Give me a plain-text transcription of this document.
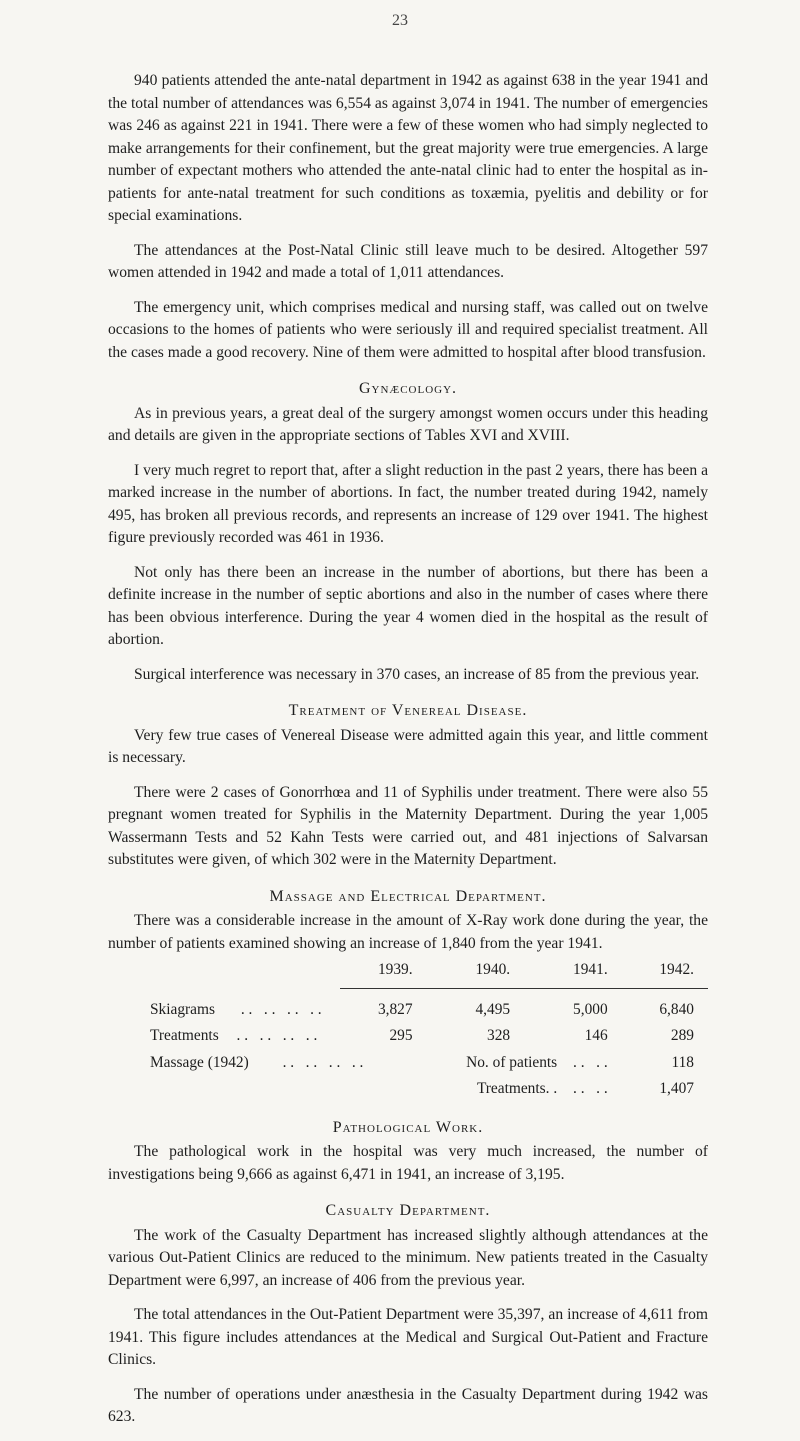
23

940 patients attended the ante-natal department in 1942 as against 638 in the year 1941 and the total number of attendances was 6,554 as against 3,074 in 1941. The number of emergencies was 246 as against 221 in 1941. There were a few of these women who had simply neglected to make arrangements for their confinement, but the great majority were true emergencies. A large number of expectant mothers who attended the ante-natal clinic had to enter the hospital as in-patients for ante-natal treatment for such conditions as toxæmia, pyelitis and debility or for special examinations.

The attendances at the Post-Natal Clinic still leave much to be desired. Altogether 597 women attended in 1942 and made a total of 1,011 attendances.

The emergency unit, which comprises medical and nursing staff, was called out on twelve occasions to the homes of patients who were seriously ill and required specialist treatment. All the cases made a good recovery. Nine of them were admitted to hospital after blood transfusion.

Gynæcology.

As in previous years, a great deal of the surgery amongst women occurs under this heading and details are given in the appropriate sections of Tables XVI and XVIII.

I very much regret to report that, after a slight reduction in the past 2 years, there has been a marked increase in the number of abortions. In fact, the number treated during 1942, namely 495, has broken all previous records, and represents an increase of 129 over 1941. The highest figure previously recorded was 461 in 1936.

Not only has there been an increase in the number of abortions, but there has been a definite increase in the number of septic abortions and also in the number of cases where there has been obvious interference. During the year 4 women died in the hospital as the result of abortion.

Surgical interference was necessary in 370 cases, an increase of 85 from the previous year.

Treatment of Venereal Disease.

Very few true cases of Venereal Disease were admitted again this year, and little comment is necessary.

There were 2 cases of Gonorrhœa and 11 of Syphilis under treatment. There were also 55 pregnant women treated for Syphilis in the Maternity Department. During the year 1,005 Wassermann Tests and 52 Kahn Tests were carried out, and 481 injections of Salvarsan substitutes were given, of which 302 were in the Maternity Department.

Massage and Electrical Department.

There was a considerable increase in the amount of X-Ray work done during the year, the number of patients examined showing an increase of 1,840 from the year 1941.

	1939.	1940.	1941.	1942.

Skiagrams . .   . .   . .   . .	3,827	4,495	5,000	6,840
Treatments . .   . .   . .   . .	295	328	146	289
Massage (1942) . .   . .   . .   . .		No. of patients . .   . .		118
		Treatments. . . .   . .		1,407
Pathological Work.

The pathological work in the hospital was very much increased, the number of investigations being 9,666 as against 6,471 in 1941, an increase of 3,195.

Casualty Department.

The work of the Casualty Department has increased slightly although attendances at the various Out-Patient Clinics are reduced to the minimum. New patients treated in the Casualty Department were 6,997, an increase of 406 from the previous year.

The total attendances in the Out-Patient Department were 35,397, an increase of 4,611 from 1941. This figure includes attendances at the Medical and Surgical Out-Patient and Fracture Clinics.

The number of operations under anæsthesia in the Casualty Department during 1942 was 623.
